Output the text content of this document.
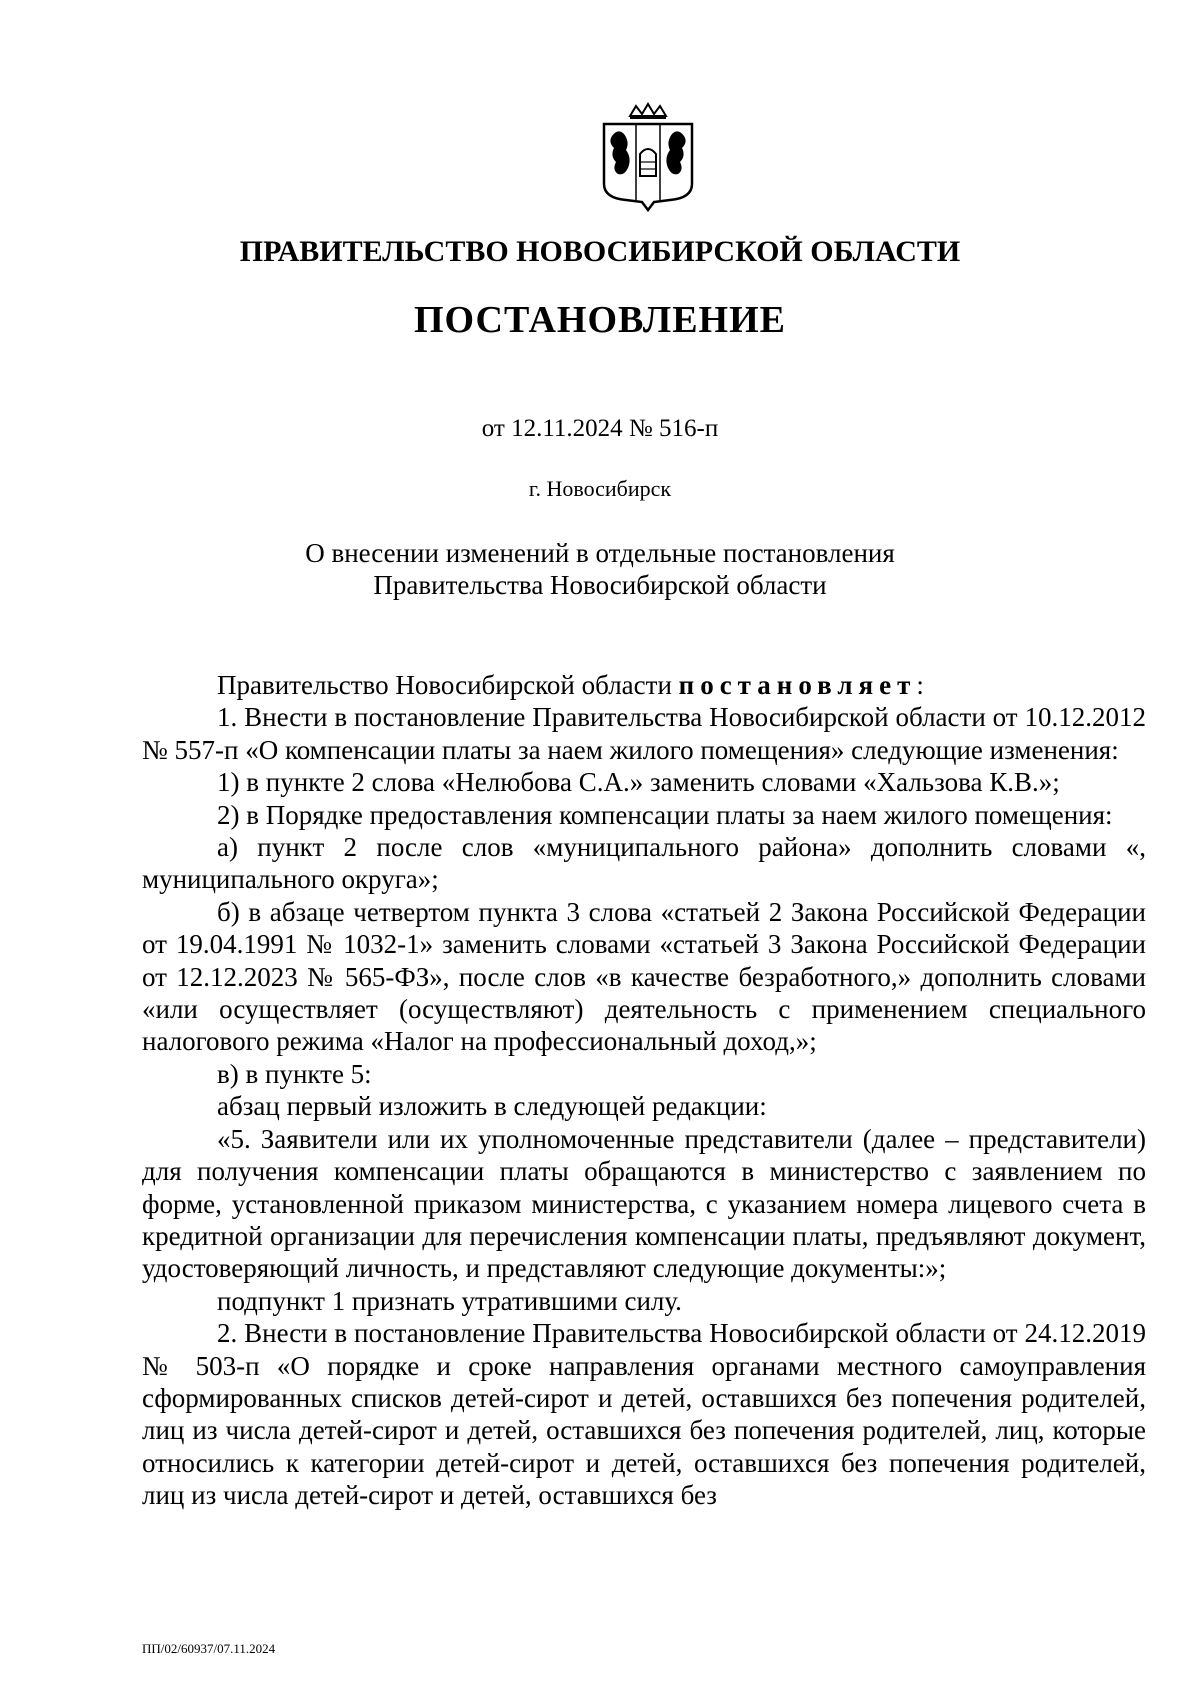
ПРАВИТЕЛЬСТВО НОВОСИБИРСКОЙ ОБЛАСТИ
ПОСТАНОВЛЕНИЕ
от 12.11.2024 № 516-п
г. Новосибирск
О внесении изменений в отдельные постановления
Правительства Новосибирской области

Правительство Новосибирской области постановляет:

1. Внести в постановление Правительства Новосибирской области от 10.12.2012 № 557-п «О компенсации платы за наем жилого помещения» следующие изменения:

1) в пункте 2 слова «Нелюбова С.А.» заменить словами «Хальзова К.В.»;

2) в Порядке предоставления компенсации платы за наем жилого помещения:

а) пункт 2 после слов «муниципального района» дополнить словами «, муниципального округа»;

б) в абзаце четвертом пункта 3 слова «статьей 2 Закона Российской Федерации от 19.04.1991 № 1032-1» заменить словами «статьей 3 Закона Российской Федерации от 12.12.2023 № 565-ФЗ», после слов «в качестве безработного,» дополнить словами «или осуществляет (осуществляют) деятельность с применением специального налогового режима «Налог на профессиональный доход,»;

в) в пункте 5:

абзац первый изложить в следующей редакции:

«5. Заявители или их уполномоченные представители (далее – представители) для получения компенсации платы обращаются в министерство с заявлением по форме, установленной приказом министерства, с указанием номера лицевого счета в кредитной организации для перечисления компенсации платы, предъявляют документ, удостоверяющий личность, и представляют следующие документы:»;

подпункт 1 признать утратившими силу.

2. Внести в постановление Правительства Новосибирской области от 24.12.2019 № 503-п «О порядке и сроке направления органами местного самоуправления сформированных списков детей-сирот и детей, оставшихся без попечения родителей, лиц из числа детей-сирот и детей, оставшихся без попечения родителей, лиц, которые относились к категории детей-сирот и детей, оставшихся без попечения родителей, лиц из числа детей-сирот и детей, оставшихся без

ПП/02/60937/07.11.2024
